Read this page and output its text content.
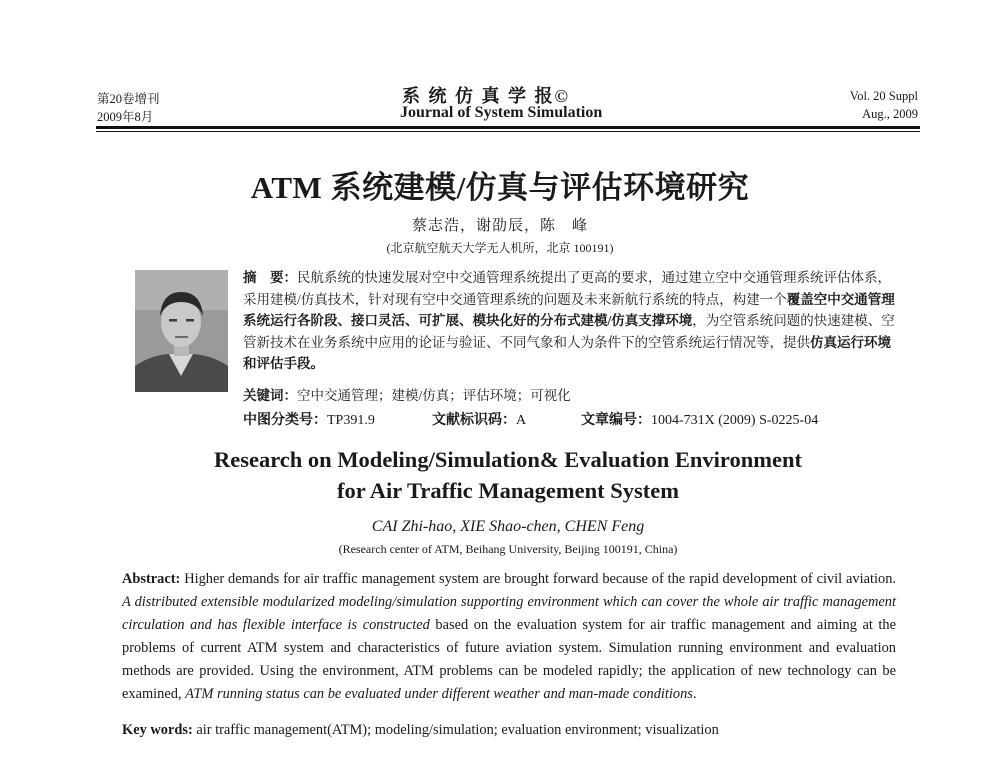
第20卷增刊
2009年8月
系 统 仿 真 学 报©
Journal of System Simulation
Vol. 20 Suppl
Aug., 2009
ATM 系统建模/仿真与评估环境研究
蔡志浩，谢劭辰，陈　峰
(北京航空航天大学无人机所，北京 100191)
摘　要：民航系统的快速发展对空中交通管理系统提出了更高的要求，通过建立空中交通管理系统评估体系，采用建模/仿真技术，针对现有空中交通管理系统的问题及未来新航行系统的特点，构建一个覆盖空中交通管理系统运行各阶段、接口灵活、可扩展、模块化好的分布式建模/仿真支撑环境，为空管系统问题的快速建模、空管新技术在业务系统中应用的论证与验证、不同气象和人为条件下的空管系统运行情况等，提供仿真运行环境和评估手段。
关键词：空中交通管理；建模/仿真；评估环境；可视化
中图分类号：TP391.9	文献标识码：A	文章编号：1004-731X (2009) S-0225-04
Research on Modeling/Simulation& Evaluation Environment
for Air Traffic Management System
CAI Zhi-hao, XIE Shao-chen, CHEN Feng
(Research center of ATM, Beihang University, Beijing 100191, China)
Abstract: Higher demands for air traffic management system are brought forward because of the rapid development of civil aviation. A distributed extensible modularized modeling/simulation supporting environment which can cover the whole air traffic management circulation and has flexible interface is constructed based on the evaluation system for air traffic management and aiming at the problems of current ATM system and characteristics of future aviation system. Simulation running environment and evaluation methods are provided. Using the environment, ATM problems can be modeled rapidly; the application of new technology can be examined, ATM running status can be evaluated under different weather and man-made conditions.
Key words: air traffic management(ATM); modeling/simulation; evaluation environment; visualization
